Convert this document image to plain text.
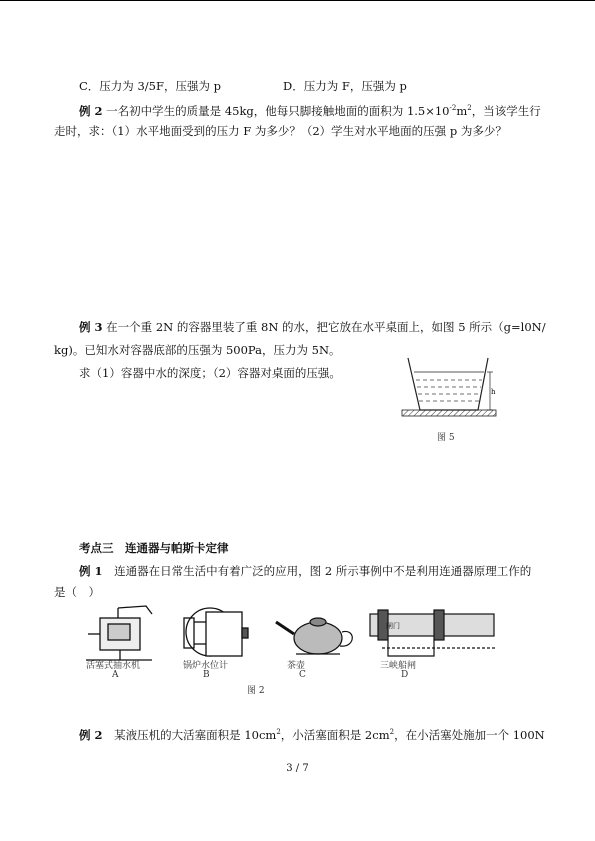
C．压力为 3/5F，压强为 p	D．压力为 F，压强为 p
例 2 一名初中学生的质量是 45kg，他每只脚接触地面的面积为 $1.5\times 10^{-2}m^2$，当该学生行
走时，求：（1）水平地面受到的压力 F 为多少？（2）学生对水平地面的压强 p 为多少？
例 3 在一个重 2N 的容器里装了重 8N 的水，把它放在水平桌面上，如图 5 所示（g=l0N/
kg)。已知水对容器底部的压强为 500Pa，压力为 5N。
求（1）容器中水的深度；（2）容器对桌面的压强。
h
图 5
考点三　连通器与帕斯卡定律
例 1 连通器在日常生活中有着广泛的应用，图 2 所示事例中不是利用连通器原理工作的
是（　）
闸门
活塞式抽水机	锅炉水位计	茶壶	三峡船闸
A	B	C	D
图 2
例 2 某液压机的大活塞面积是 $10cm^2$，小活塞面积是 $2cm^2$，在小活塞处施加一个 100N
3 / 7
